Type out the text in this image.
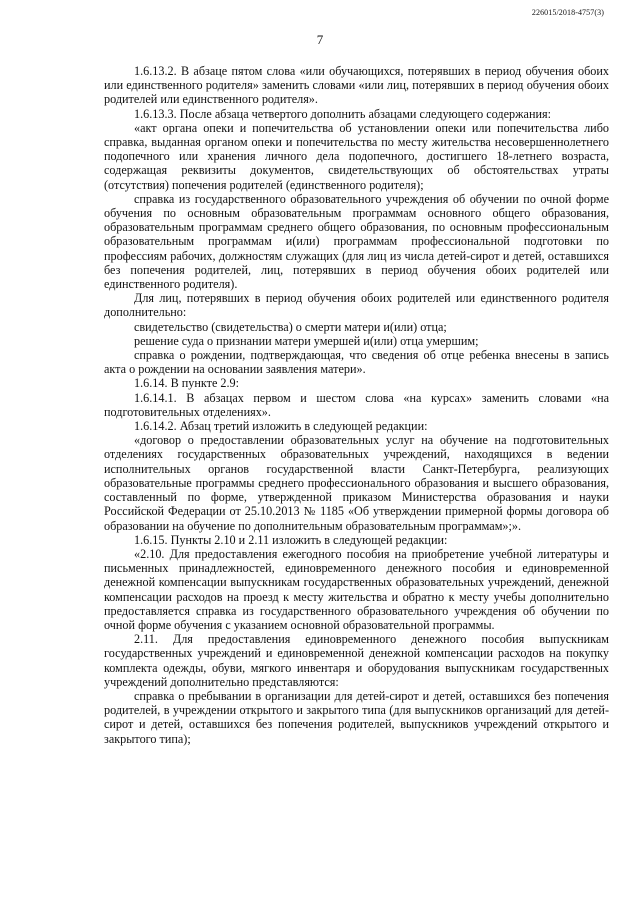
226015/2018-4757(3)
7

1.6.13.2. В абзаце пятом слова «или обучающихся, потерявших в период обучения обоих или единственного родителя» заменить словами «или лиц, потерявших в период обучения обоих родителей или единственного родителя».

1.6.13.3. После абзаца четвертого дополнить абзацами следующего содержания:

«акт органа опеки и попечительства об установлении опеки или попечительства либо справка, выданная органом опеки и попечительства по месту жительства несовершеннолетнего подопечного или хранения личного дела подопечного, достигшего 18-летнего возраста, содержащая реквизиты документов, свидетельствующих об обстоятельствах утраты (отсутствия) попечения родителей (единственного родителя);

справка из государственного образовательного учреждения об обучении по очной форме обучения по основным образовательным программам основного общего образования, образовательным программам среднего общего образования, по основным профессиональным образовательным программам и(или) программам профессиональной подготовки по профессиям рабочих, должностям служащих (для лиц из числа детей-сирот и детей, оставшихся без попечения родителей, лиц, потерявших в период обучения обоих родителей или единственного родителя).

Для лиц, потерявших в период обучения обоих родителей или единственного родителя дополнительно:

свидетельство (свидетельства) о смерти матери и(или) отца;

решение суда о признании матери умершей и(или) отца умершим;

справка о рождении, подтверждающая, что сведения об отце ребенка внесены в запись акта о рождении на основании заявления матери».

1.6.14. В пункте 2.9:

1.6.14.1. В абзацах первом и шестом слова «на курсах» заменить словами «на подготовительных отделениях».

1.6.14.2. Абзац третий изложить в следующей редакции:

«договор о предоставлении образовательных услуг на обучение на подготовительных отделениях государственных образовательных учреждений, находящихся в ведении исполнительных органов государственной власти Санкт-Петербурга, реализующих образовательные программы среднего профессионального образования и высшего образования, составленный по форме, утвержденной приказом Министерства образования и науки Российской Федерации от 25.10.2013 № 1185 «Об утверждении примерной формы договора об образовании на обучение по дополнительным образовательным программам»;».

1.6.15. Пункты 2.10 и 2.11 изложить в следующей редакции:

«2.10. Для предоставления ежегодного пособия на приобретение учебной литературы и письменных принадлежностей, единовременного денежного пособия и единовременной денежной компенсации выпускникам государственных образовательных учреждений, денежной компенсации расходов на проезд к месту жительства и обратно к месту учебы дополнительно предоставляется справка из государственного образовательного учреждения об обучении по очной форме обучения с указанием основной образовательной программы.

2.11. Для предоставления единовременного денежного пособия выпускникам государственных учреждений и единовременной денежной компенсации расходов на покупку комплекта одежды, обуви, мягкого инвентаря и оборудования выпускникам государственных учреждений дополнительно представляются:

справка о пребывании в организации для детей-сирот и детей, оставшихся без попечения родителей, в учреждении открытого и закрытого типа (для выпускников организаций для детей-сирот и детей, оставшихся без попечения родителей, выпускников учреждений открытого и закрытого типа);
